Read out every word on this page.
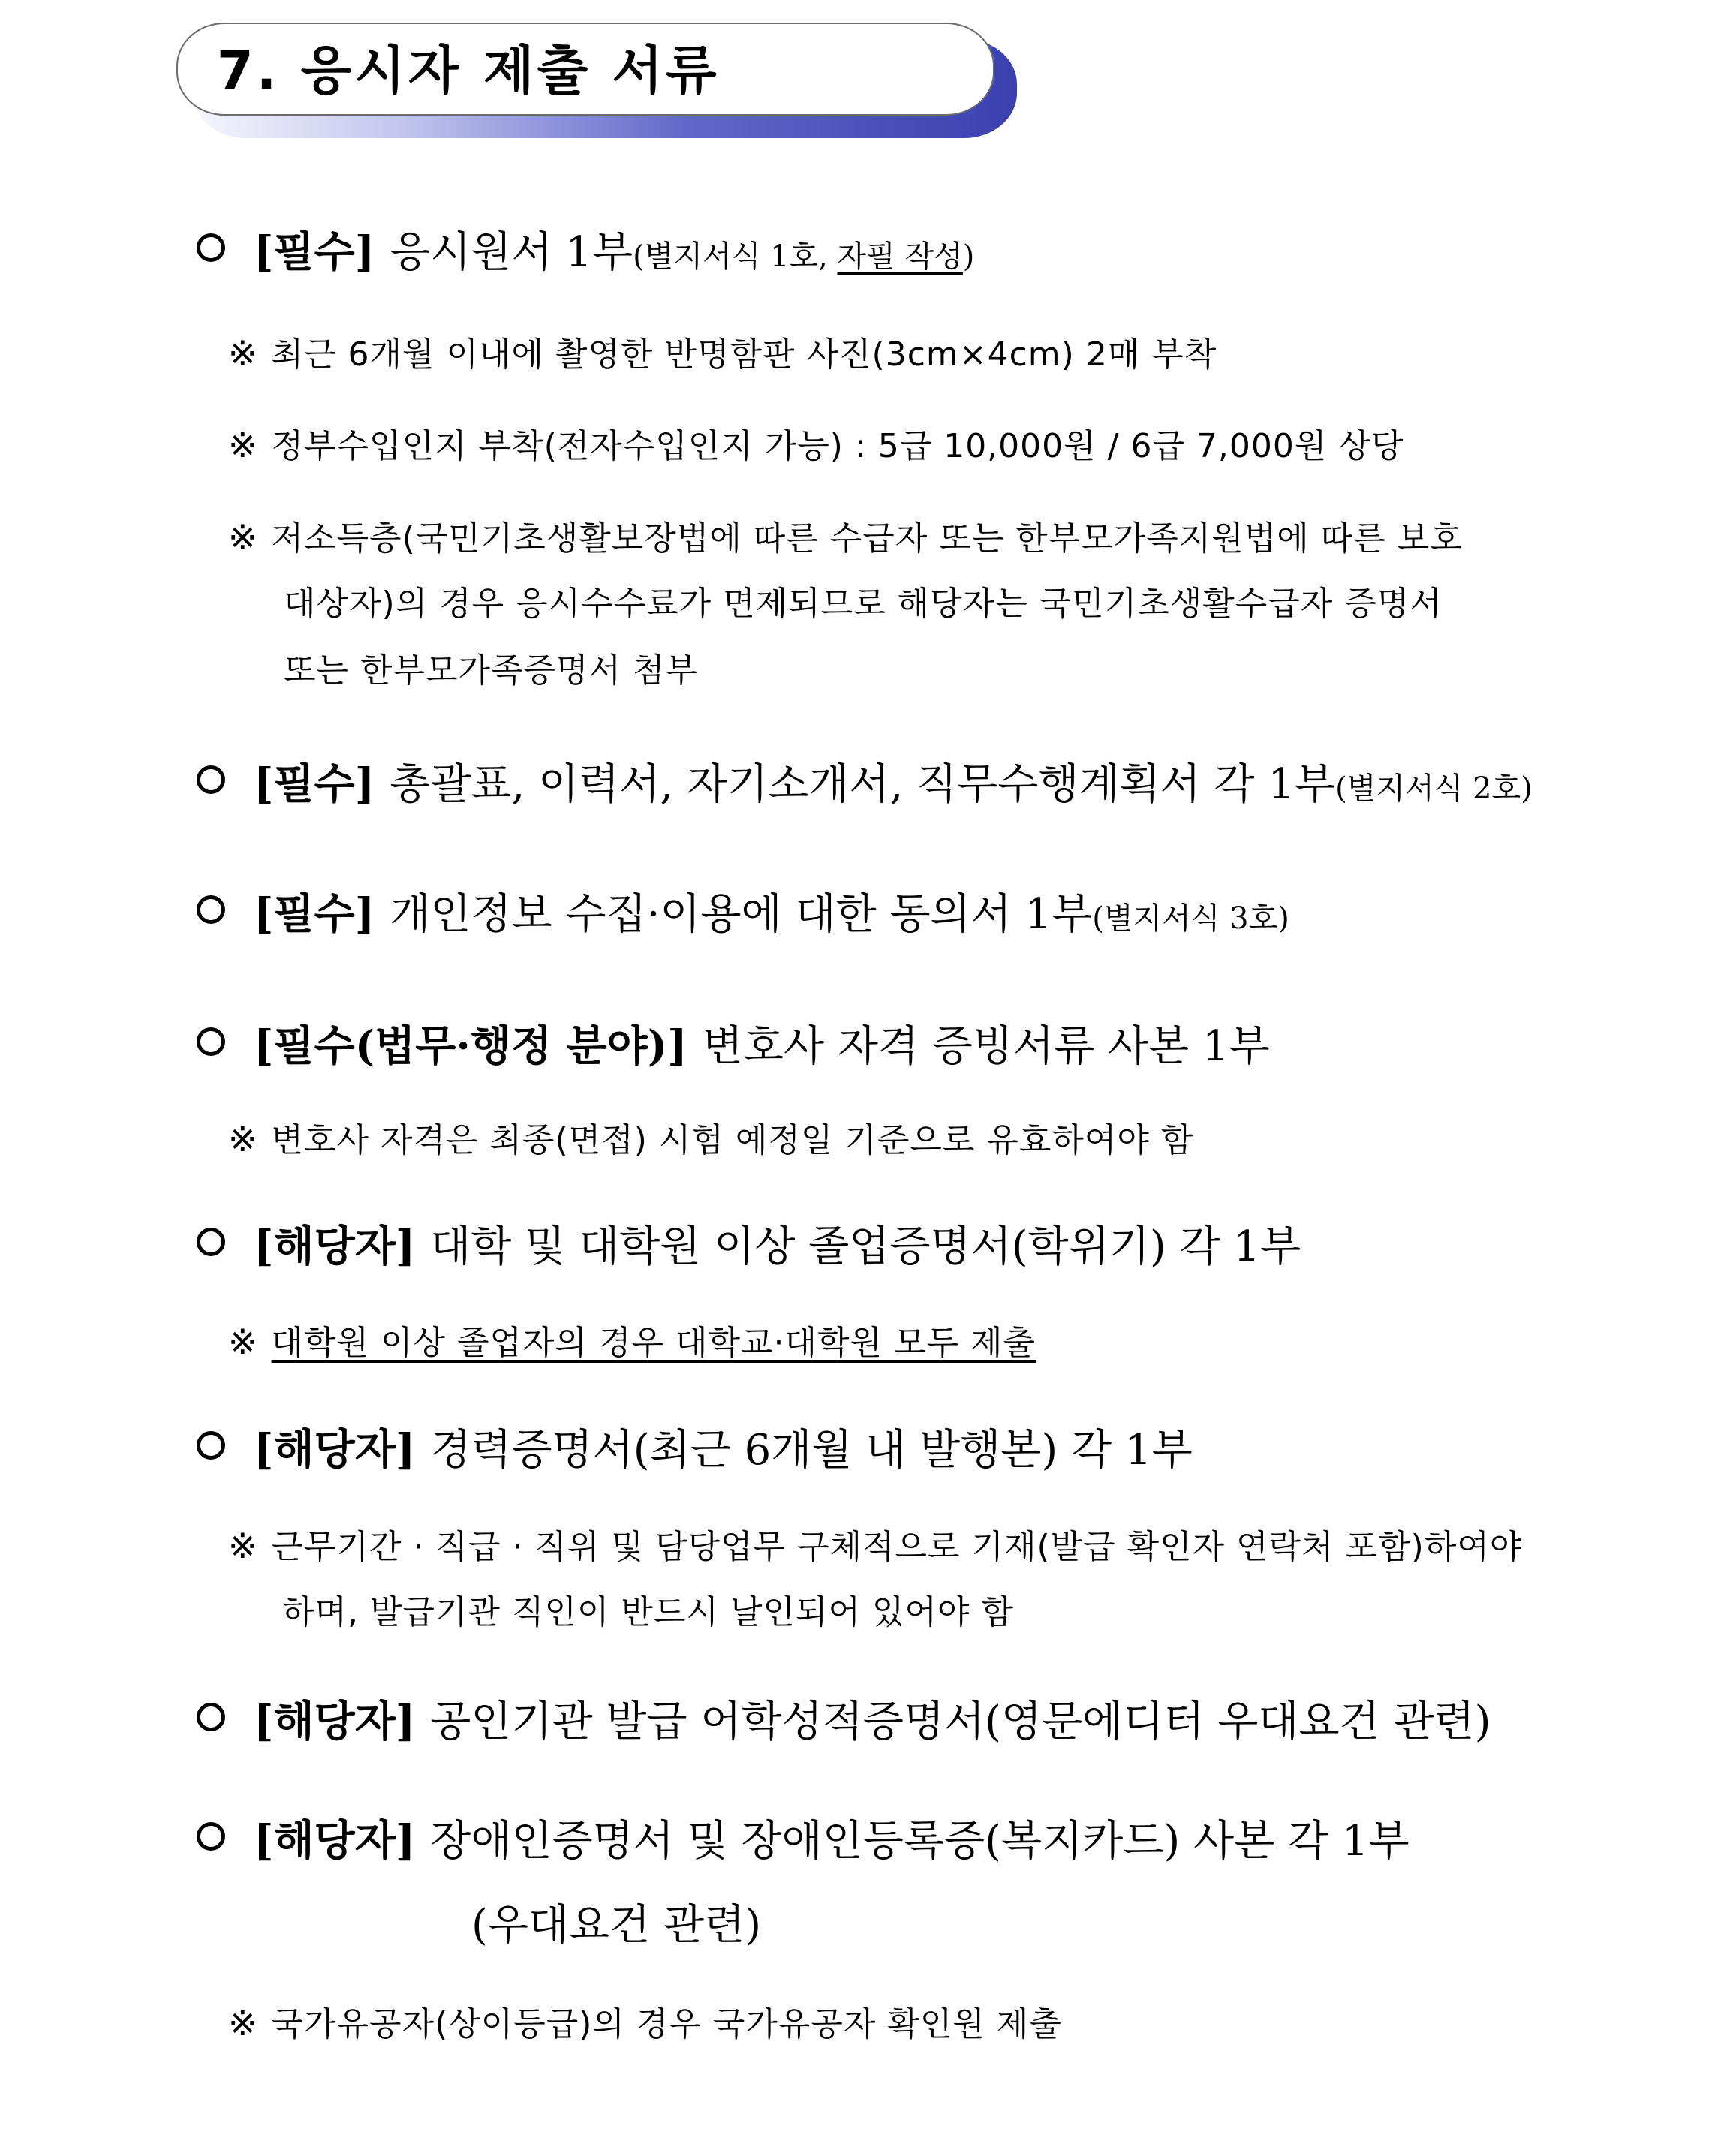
7. 응시자 제출 서류

[필수] 응시원서 1부(별지서식 1호, 자필 작성)

※ 최근 6개월 이내에 촬영한 반명함판 사진(3cm×4cm) 2매 부착

※ 정부수입인지 부착(전자수입인지 가능) : 5급 10,000원 / 6급 7,000원 상당

※ 저소득층(국민기초생활보장법에 따른 수급자 또는 한부모가족지원법에 따른 보호

대상자)의 경우 응시수수료가 면제되므로 해당자는 국민기초생활수급자 증명서

또는 한부모가족증명서 첨부

[필수] 총괄표, 이력서, 자기소개서, 직무수행계획서 각 1부(별지서식 2호)

[필수] 개인정보 수집·이용에 대한 동의서 1부(별지서식 3호)

[필수(법무·행정 분야)] 변호사 자격 증빙서류 사본 1부

※ 변호사 자격은 최종(면접) 시험 예정일 기준으로 유효하여야 함

[해당자] 대학 및 대학원 이상 졸업증명서(학위기) 각 1부

※ 대학원 이상 졸업자의 경우 대학교·대학원 모두 제출

[해당자] 경력증명서(최근 6개월 내 발행본) 각 1부

※ 근무기간 · 직급 · 직위 및 담당업무 구체적으로 기재(발급 확인자 연락처 포함)하여야

하며, 발급기관 직인이 반드시 날인되어 있어야 함

[해당자] 공인기관 발급 어학성적증명서(영문에디터 우대요건 관련)

[해당자] 장애인증명서 및 장애인등록증(복지카드) 사본 각 1부

(우대요건 관련)

※ 국가유공자(상이등급)의 경우 국가유공자 확인원 제출
